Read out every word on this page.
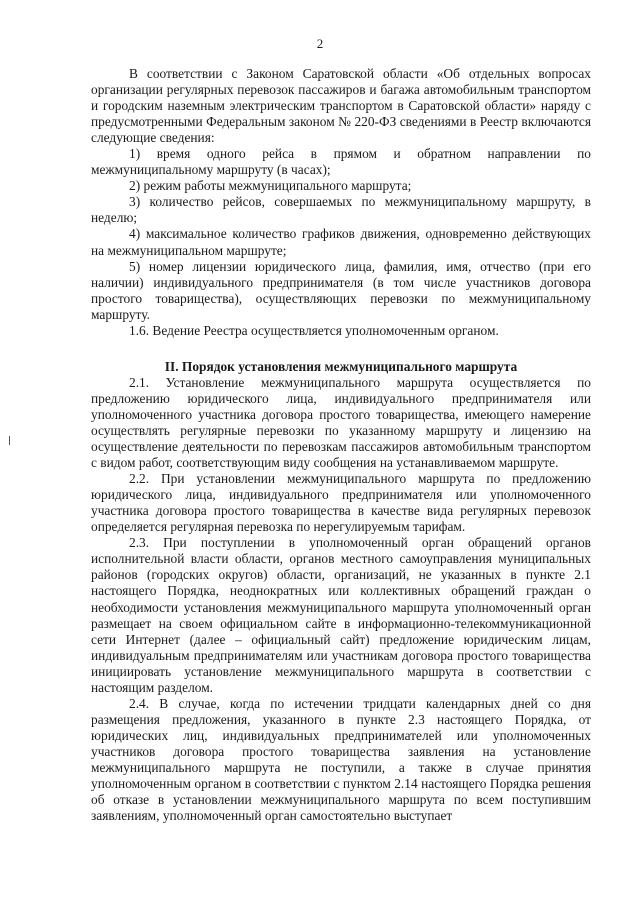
2

В соответствии с Законом Саратовской области «Об отдельных вопросах организации регулярных перевозок пассажиров и багажа автомобильным транспортом и городским наземным электрическим транспортом в Саратовской области» наряду с предусмотренными Федеральным законом № 220-ФЗ сведениями в Реестр включаются следующие сведения:

1) время одного рейса в прямом и обратном направлении по межмуниципальному маршруту (в часах);

2) режим работы межмуниципального маршрута;

3) количество рейсов, совершаемых по межмуниципальному маршруту, в неделю;

4) максимальное количество графиков движения, одновременно действующих на межмуниципальном маршруте;

5) номер лицензии юридического лица, фамилия, имя, отчество (при его наличии) индивидуального предпринимателя (в том числе участников договора простого товарищества), осуществляющих перевозки по межмуниципальному маршруту.

1.6. Ведение Реестра осуществляется уполномоченным органом.

II. Порядок установления межмуниципального маршрута

2.1. Установление межмуниципального маршрута осуществляется по предложению юридического лица, индивидуального предпринимателя или уполномоченного участника договора простого товарищества, имеющего намерение осуществлять регулярные перевозки по указанному маршруту и лицензию на осуществление деятельности по перевозкам пассажиров автомобильным транспортом с видом работ, соответствующим виду сообщения на устанавливаемом маршруте.

2.2. При установлении межмуниципального маршрута по предложению юридического лица, индивидуального предпринимателя или уполномоченного участника договора простого товарищества в качестве вида регулярных перевозок определяется регулярная перевозка по нерегулируемым тарифам.

2.3. При поступлении в уполномоченный орган обращений органов исполнительной власти области, органов местного самоуправления муниципальных районов (городских округов) области, организаций, не указанных в пункте 2.1 настоящего Порядка, неоднократных или коллективных обращений граждан о необходимости установления межмуниципального маршрута уполномоченный орган размещает на своем официальном сайте в информационно-телекоммуникационной сети Интернет (далее – официальный сайт) предложение юридическим лицам, индивидуальным предпринимателям или участникам договора простого товарищества инициировать установление межмуниципального маршрута в соответствии с настоящим разделом.

2.4. В случае, когда по истечении тридцати календарных дней со дня размещения предложения, указанного в пункте 2.3 настоящего Порядка, от юридических лиц, индивидуальных предпринимателей или уполномоченных участников договора простого товарищества заявления на установление межмуниципального маршрута не поступили, а также в случае принятия уполномоченным органом в соответствии с пунктом 2.14 настоящего Порядка решения об отказе в установлении межмуниципального маршрута по всем поступившим заявлениям, уполномоченный орган самостоятельно выступает
